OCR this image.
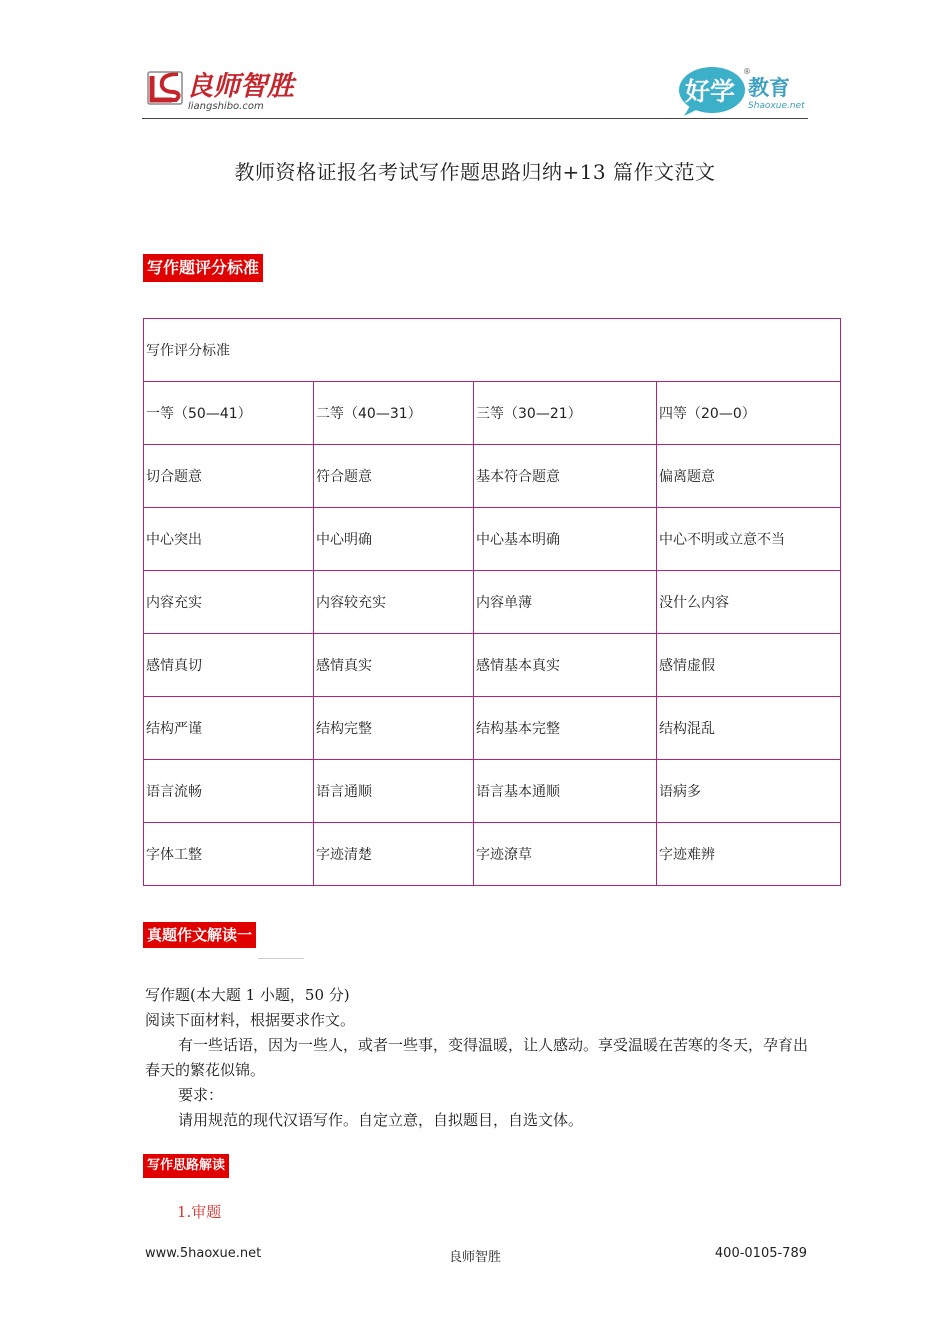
良师智胜
liangshibo.com
好学 教育
Shaoxue.net
®
教师资格证报名考试写作题思路归纳+13 篇作文范文
写作题评分标准
写作评分标准			
一等（50—41）	二等（40—31）	三等（30—21）	四等（20—0）
切合题意	符合题意	基本符合题意	偏离题意
中心突出	中心明确	中心基本明确	中心不明或立意不当
内容充实	内容较充实	内容单薄	没什么内容
感情真切	感情真实	感情基本真实	感情虚假
结构严谨	结构完整	结构基本完整	结构混乱
语言流畅	语言通顺	语言基本通顺	语病多
字体工整	字迹清楚	字迹潦草	字迹难辨
真题作文解读一

写作题(本大题 1 小题，50 分)

阅读下面材料，根据要求作文。

有一些话语，因为一些人，或者一些事，变得温暖，让人感动。享受温暖在苦寒的冬天，孕育出春天的繁花似锦。

要求：

请用规范的现代汉语写作。自定立意，自拟题目，自选文体。

写作思路解读
1.审题
www.5haoxue.net	良师智胜	400-0105-789
